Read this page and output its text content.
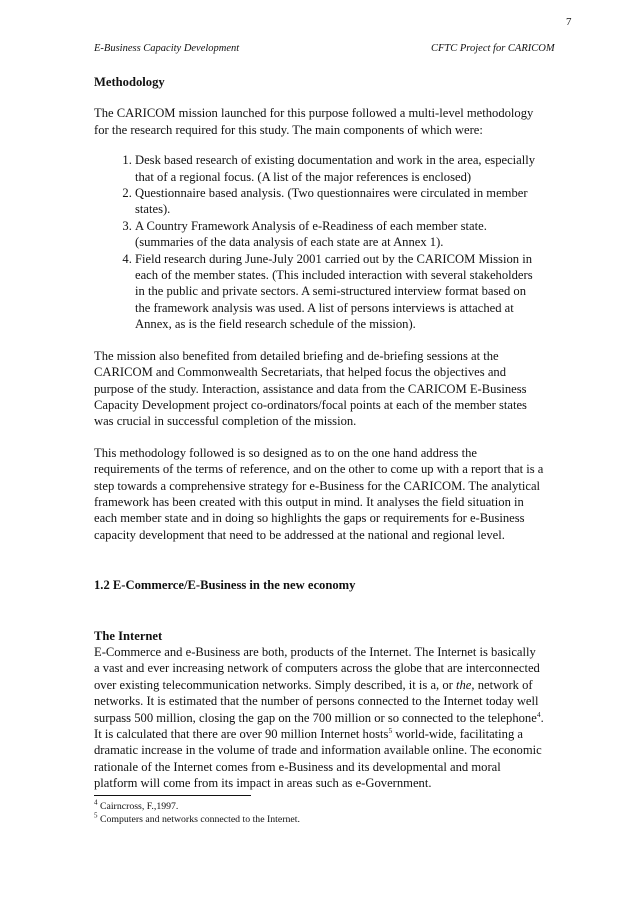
7
E-Business Capacity Development	CFTC Project for CARICOM
Methodology

The CARICOM mission launched for this purpose followed a multi-level methodology for the research required for this study. The main components of which were:

1. Desk based research of existing documentation and work in the area, especially that of a regional focus. (A list of the major references is enclosed)
2. Questionnaire based analysis. (Two questionnaires were circulated in member states).
3. A Country Framework Analysis of e-Readiness of each member state. (summaries of the data analysis of each state are at Annex 1).
4. Field research during June-July 2001 carried out by the CARICOM Mission in each of the member states. (This included interaction with several stakeholders in the public and private sectors. A semi-structured interview format based on the framework analysis was used. A list of persons interviews is attached at Annex, as is the field research schedule of the mission).

The mission also benefited from detailed briefing and de-briefing sessions at the CARICOM and Commonwealth Secretariats, that helped focus the objectives and purpose of the study. Interaction, assistance and data from the CARICOM E-Business Capacity Development project co-ordinators/focal points at each of the member states was crucial in successful completion of the mission.

This methodology followed is so designed as to on the one hand address the requirements of the terms of reference, and on the other to come up with a report that is a step towards a comprehensive strategy for e-Business for the CARICOM. The analytical framework has been created with this output in mind. It analyses the field situation in each member state and in doing so highlights the gaps or requirements for e-Business capacity development that need to be addressed at the national and regional level.

1.2 E-Commerce/E-Business in the new economy

The Internet

E-Commerce and e-Business are both, products of the Internet. The Internet is basically a vast and ever increasing network of computers across the globe that are interconnected over existing telecommunication networks. Simply described, it is a, or the, network of networks. It is estimated that the number of persons connected to the Internet today well surpass 500 million, closing the gap on the 700 million or so connected to the telephone$^4$. It is calculated that there are over 90 million Internet hosts$^5$ world-wide, facilitating a dramatic increase in the volume of trade and information available online. The economic rationale of the Internet comes from e-Business and its developmental and moral platform will come from its impact in areas such as e-Government.

$^4$ Cairncross, F.,1997.
$^5$ Computers and networks connected to the Internet.
